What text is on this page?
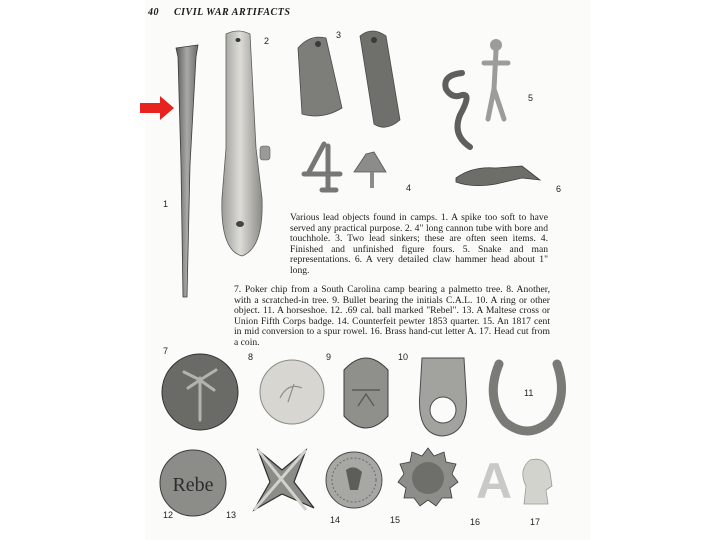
40 CIVIL WAR ARTIFACTS
Rebe	A
1
2
3
4
5
6
7
8	9	10
11
12	13	14	15	16	17
Various lead objects found in camps. 1. A spike too soft to have served any practical purpose. 2. 4" long cannon tube with bore and touchhole. 3. Two lead sinkers; these are often seen items. 4. Finished and unfinished figure fours. 5. Snake and man representations. 6. A very detailed claw hammer head about 1" long.
7. Poker chip from a South Carolina camp bearing a palmetto tree. 8. Another, with a scratched-in tree. 9. Bullet bearing the initials C.A.L. 10. A ring or other object. 11. A horseshoe. 12. .69 cal. ball marked "Rebel". 13. A Maltese cross or Union Fifth Corps badge. 14. Counterfeit pewter 1853 quarter. 15. An 1817 cent in mid conversion to a spur rowel. 16. Brass hand-cut letter A. 17. Head cut from a coin.
